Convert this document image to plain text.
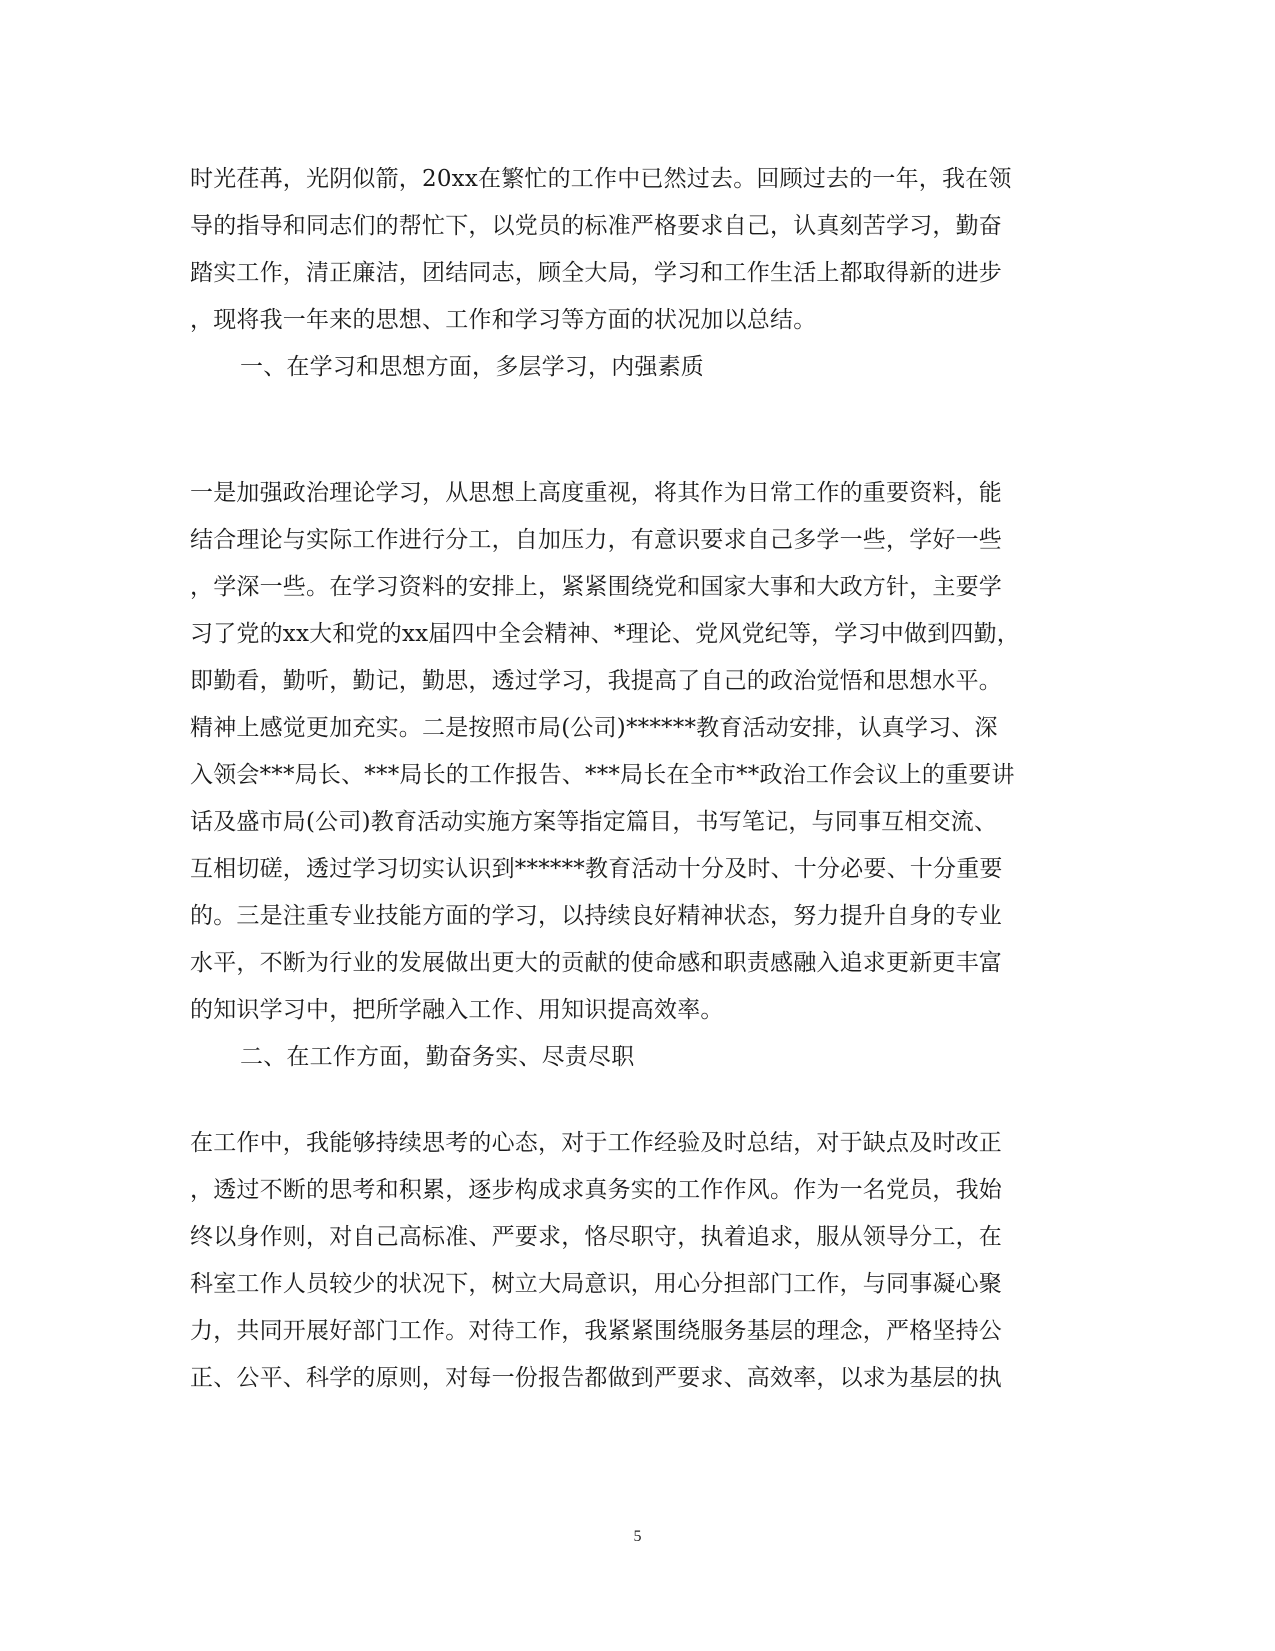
时光荏苒，光阴似箭，20xx在繁忙的工作中已然过去。回顾过去的一年，我在领
导的指导和同志们的帮忙下，以党员的标准严格要求自己，认真刻苦学习，勤奋
踏实工作，清正廉洁，团结同志，顾全大局，学习和工作生活上都取得新的进步
，现将我一年来的思想、工作和学习等方面的状况加以总结。
一、在学习和思想方面，多层学习，内强素质
一是加强政治理论学习，从思想上高度重视，将其作为日常工作的重要资料，能
结合理论与实际工作进行分工，自加压力，有意识要求自己多学一些，学好一些
，学深一些。在学习资料的安排上，紧紧围绕党和国家大事和大政方针，主要学
习了党的xx大和党的xx届四中全会精神、*理论、党风党纪等，学习中做到四勤，
即勤看，勤听，勤记，勤思，透过学习，我提高了自己的政治觉悟和思想水平。
精神上感觉更加充实。二是按照市局(公司)******教育活动安排，认真学习、深
入领会***局长、***局长的工作报告、***局长在全市**政治工作会议上的重要讲
话及盛市局(公司)教育活动实施方案等指定篇目，书写笔记，与同事互相交流、
互相切磋，透过学习切实认识到******教育活动十分及时、十分必要、十分重要
的。三是注重专业技能方面的学习，以持续良好精神状态，努力提升自身的专业
水平，不断为行业的发展做出更大的贡献的使命感和职责感融入追求更新更丰富
的知识学习中，把所学融入工作、用知识提高效率。
二、在工作方面，勤奋务实、尽责尽职
在工作中，我能够持续思考的心态，对于工作经验及时总结，对于缺点及时改正
，透过不断的思考和积累，逐步构成求真务实的工作作风。作为一名党员，我始
终以身作则，对自己高标准、严要求，恪尽职守，执着追求，服从领导分工，在
科室工作人员较少的状况下，树立大局意识，用心分担部门工作，与同事凝心聚
力，共同开展好部门工作。对待工作，我紧紧围绕服务基层的理念，严格坚持公
正、公平、科学的原则，对每一份报告都做到严要求、高效率，以求为基层的执
5
